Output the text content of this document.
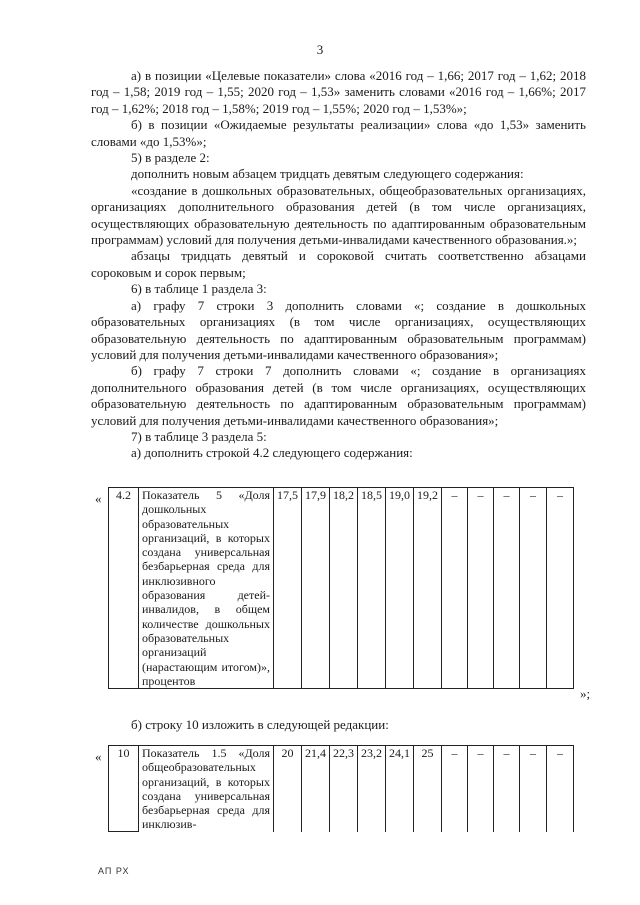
3

а) в позиции «Целевые показатели» слова «2016 год – 1,66; 2017 год – 1,62; 2018 год – 1,58; 2019 год – 1,55; 2020 год – 1,53» заменить словами «2016 год – 1,66%; 2017 год – 1,62%; 2018 год – 1,58%; 2019 год – 1,55%; 2020 год – 1,53%»;

б) в позиции «Ожидаемые результаты реализации» слова «до 1,53» заменить словами «до 1,53%»;

5) в разделе 2:

дополнить новым абзацем тридцать девятым следующего содержания:

«создание в дошкольных образовательных, общеобразовательных организациях, организациях дополнительного образования детей (в том числе организациях, осуществляющих образовательную деятельность по адаптированным образовательным программам) условий для получения детьми-инвалидами качественного образования.»;

абзацы тридцать девятый и сороковой считать соответственно абзацами сороковым и сорок первым;

6) в таблице 1 раздела 3:

а) графу 7 строки 3 дополнить словами «; создание в дошкольных образовательных организациях (в том числе организациях, осуществляющих образовательную деятельность по адаптированным образовательным программам) условий для получения детьми-инвалидами качественного образования»;

б) графу 7 строки 7 дополнить словами «; создание в организациях дополнительного образования детей (в том числе организациях, осуществляющих образовательную деятельность по адаптированным образовательным программам) условий для получения детьми-инвалидами качественного образования»;

7) в таблице 3 раздела 5:

а) дополнить строкой 4.2 следующего содержания:

« 4.2	Показатель 5 «Доля дошкольных образовательных организаций, в которых создана универсальная безбарьерная среда для инклюзивного образования детей-инвалидов, в общем количестве дошкольных образовательных организаций (нарастающим итогом)», процентов	17,5	17,9	18,2	18,5	19,0	19,2	–	–	–	–	–
»;
б) строку 10 изложить в следующей редакции:
« 10	Показатель 1.5 «Доля общеобразовательных организаций, в которых создана универсальная безбарьерная среда для инклюзив-	20	21,4	22,3	23,2	24,1	25	–	–	–	–	–
АП РХ
